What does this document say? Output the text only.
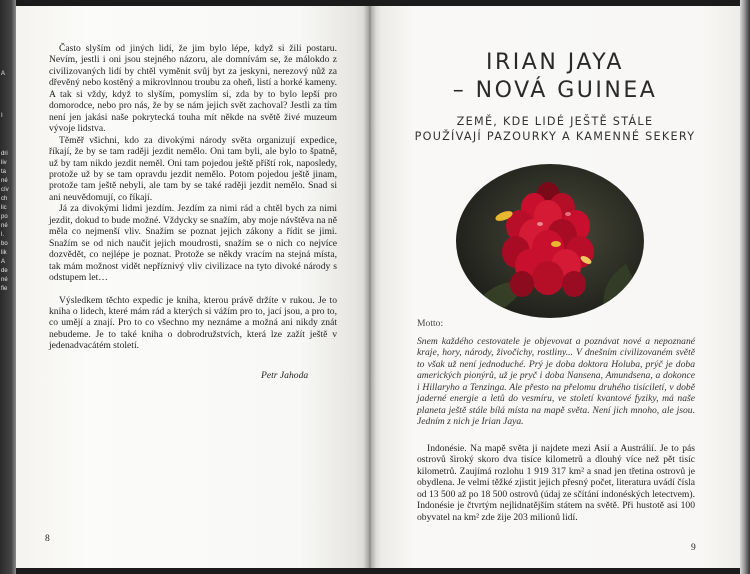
A
I
dri
liv
ta
né
cív
ch
lic
po
né
l.
bo
lik
A
de
né
fie

Často slyším od jiných lidí, že jim bylo lépe, když si žili postaru. Nevím, jestli i oni jsou stejného názoru, ale domnívám se, že málokdo z civilizovaných lidí by chtěl vyměnit svůj byt za jeskyni, nerezový nůž za dřevěný nebo kostěný a mikrovlnnou troubu za oheň, listí a horké kameny. A tak si vždy, když to slyším, pomyslím si, zda by to bylo lepší pro domorodce, nebo pro nás, že by se nám jejich svět zachoval? Jestli za tím není jen jakási naše pokrytecká touha mít někde na světě živé muzeum vývoje lidstva.

Těměř všichni, kdo za divokými národy světa organizují expedice, říkají, že by se tam raději jezdit nemělo. Oni tam byli, ale bylo to špatně, už by tam nikdo jezdit neměl. Oni tam pojedou ještě příští rok, naposledy, protože už by se tam opravdu jezdit nemělo. Potom pojedou ještě jinam, protože tam ještě nebyli, ale tam by se také raději jezdit nemělo. Snad si ani neuvědomují, co říkají.

Já za divokými lidmi jezdím. Jezdím za nimi rád a chtěl bych za nimi jezdit, dokud to bude možné. Vždycky se snažím, aby moje návštěva na ně měla co nejmenší vliv. Snažím se poznat jejich zákony a řídit se jimi. Snažím se od nich naučit jejich moudrosti, snažím se o nich co nejvíce dozvědět, co nejlépe je poznat. Protože se někdy vracím na stejná místa, tak mám možnost vidět nepříznivý vliv civilizace na tyto divoké národy s odstupem let…

Výsledkem těchto expedic je kniha, kterou právě držíte v rukou. Je to kniha o lidech, které mám rád a kterých si vážím pro to, jací jsou, a pro to, co umějí a znají. Pro to co všechno my neznáme a možná ani nikdy znát nebudeme. Je to také kniha o dobrodružstvích, která lze zažít ještě v jedenadvacátém století.

Petr Jahoda
8
IRIAN JAYA
– NOVÁ GUINEA
ZEMĚ, KDE LIDÉ JEŠTĚ STÁLE
POUŽÍVAJÍ PAZOURKY A KAMENNÉ SEKERY
Motto:
Snem každého cestovatele je objevovat a poznávat nové a nepoznané kraje, hory, národy, živočichy, rostliny... V dnešním civilizovaném světě to však už není jednoduché. Prý je doba doktora Holuba, prýč je doba amerických pionýrů, už je pryč i doba Nansena, Amundsena, a dokonce i Hillaryho a Tenzinga. Ale přesto na přelomu druhého tisíciletí, v době jaderné energie a letů do vesmíru, ve století kvantové fyziky, má naše planeta ještě stále bílá místa na mapě světa. Není jich mnoho, ale jsou. Jedním z nich je Irian Jaya.

Indonésie. Na mapě světa ji najdete mezi Asií a Austrálií. Je to pás ostrovů široký skoro dva tisíce kilometrů a dlouhý více než pět tisíc kilometrů. Zaujímá rozlohu 1 919 317 km² a snad jen třetina ostrovů je obydlena. Je velmi těžké zjistit jejich přesný počet, literatura uvádí čísla od 13 500 až po 18 500 ostrovů (údaj ze sčítání indonéských letectvem). Indonésie je čtvrtým nejlidnatějším státem na světě. Při hustotě asi 100 obyvatel na km² zde žije 203 milionů lidí.

9
